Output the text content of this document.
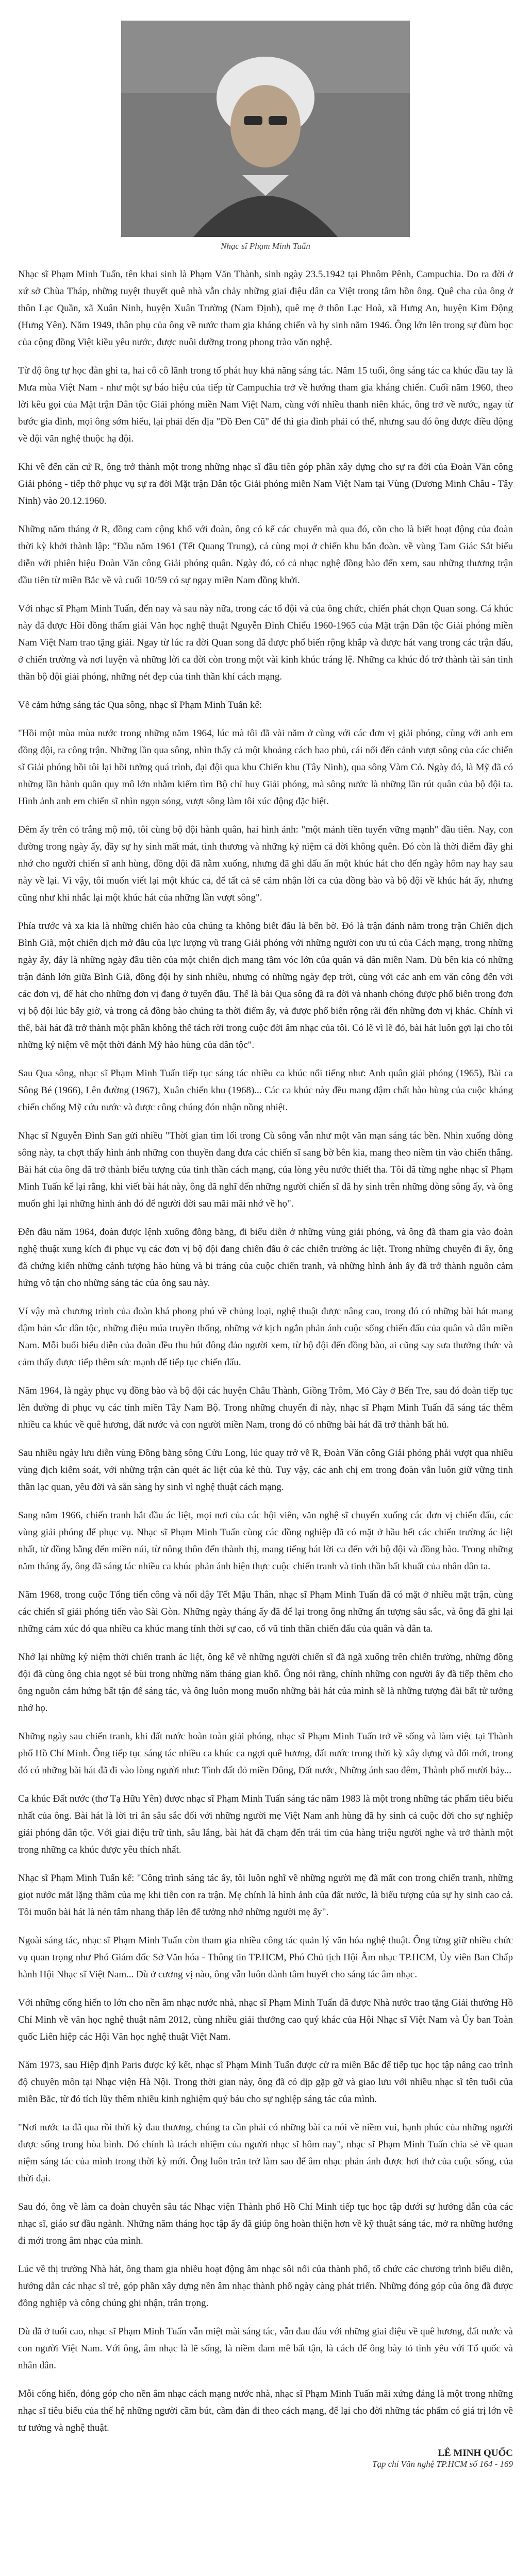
Nhạc sĩ Phạm Minh Tuấn

Nhạc sĩ Phạm Minh Tuấn, tên khai sinh là Phạm Văn Thành, sinh ngày 23.5.1942 tại Phnôm Pênh, Campuchia. Do ra đời ở xứ sở Chùa Tháp, những tuyệt thuyết quê nhà vẫn chảy những giai điệu dân ca Việt trong tâm hồn ông. Quê cha của ông ở thôn Lạc Quần, xã Xuân Ninh, huyện Xuân Trường (Nam Định), quê mẹ ở thôn Lạc Hoà, xã Hưng An, huyện Kim Động (Hưng Yên). Năm 1949, thân phụ của ông về nước tham gia kháng chiến và hy sinh năm 1946. Ông lớn lên trong sự đùm bọc của cộng đồng Việt kiều yêu nước, được nuôi dưỡng trong phong trào văn nghệ.

Từ độ ông tự học đàn ghi ta, hai cô cô lãnh trong tổ phát huy khả năng sáng tác. Năm 15 tuổi, ông sáng tác ca khúc đầu tay là Mưa mùa Việt Nam - như một sự báo hiệu của tiếp từ Campuchia trở về hướng tham gia kháng chiến. Cuối năm 1960, theo lời kêu gọi của Mặt trận Dân tộc Giải phóng miền Nam Việt Nam, cùng với nhiều thanh niên khác, ông trở về nước, ngay từ bước gia đình, mọi ông sớm hiểu, lại phải đến địa "Đồ Đen Cũ" để thì gia đình phải có thể, nhưng sau đó ông được điều động về đội văn nghệ thuộc hạ đội.

Khi về đến căn cứ R, ông trở thành một trong những nhạc sĩ đầu tiên góp phần xây dựng cho sự ra đời của Đoàn Văn công Giải phóng - tiếp thở phục vụ sự ra đời Mặt trận Dân tộc Giải phóng miền Nam Việt Nam tại Vùng (Dương Minh Châu - Tây Ninh) vào 20.12.1960.

Những năm tháng ở R, đồng cam cộng khổ với đoàn, ông có kể các chuyến mà qua đó, cõn cho là biết hoạt động của đoàn thời kỳ khởi thành lập: "Đầu năm 1961 (Tết Quang Trung), cả cùng mọi ở chiến khu bắn đoàn. về vùng Tam Giác Sắt biểu diễn với phiên hiệu Đoàn Văn công Giải phóng quân. Ngày đó, có cả nhạc nghệ đồng bào đến xem, sau những thương trận đầu tiên từ miền Bắc về và cuối 10/59 có sự ngay miền Nam đồng khởi.

Với nhạc sĩ Phạm Minh Tuấn, đến nay và sau này nữa, trong các tổ đội và của ông chức, chiến phát chọn Quan song. Cá khúc này đã được Hồi đồng thẩm giải Văn học nghệ thuật Nguyễn Đình Chiểu 1960-1965 của Mặt trận Dân tộc Giải phóng miền Nam Việt Nam trao tặng giải. Ngay từ lúc ra đời Quan song đã được phổ biến rộng khắp và được hát vang trong các trận đấu, ở chiến trường và nơi luyện và những lời ca đời còn trong một vài kinh khúc tráng lệ. Những ca khúc đó trở thành tài sản tinh thần bộ đội giải phóng, những nét đẹp của tinh thần khí cách mạng.

Về cảm hứng sáng tác Qua sông, nhạc sĩ Phạm Minh Tuấn kể:

"Hồi một mùa mùa nước trong những năm 1964, lúc mà tôi đã vài năm ở cùng với các đơn vị giải phóng, cùng với anh em đồng đội, ra công trận. Những lần qua sông, nhìn thấy cả một khoảng cách bao phủ, cái nối đến cảnh vượt sông của các chiến sĩ Giải phóng hồi tôi lại hồi tưởng quá trình, đại đội qua khu Chiến khu (Tây Ninh), qua sông Vàm Cỏ. Ngày đó, là Mỹ đã có những lần hành quân quy mô lớn nhằm kiếm tìm Bộ chỉ huy Giải phóng, mà sông nước là những lần rút quân của bộ đội ta. Hình ảnh anh em chiến sĩ nhìn ngọn sóng, vượt sông làm tôi xúc động đặc biệt.

Đêm ấy trên cỏ trắng mộ mộ, tôi cùng bộ đội hành quân, hai hình ảnh: "một mảnh tiền tuyến vững mạnh" đầu tiên. Nay, con đường trong ngày ấy, đầy sự hy sinh mất mát, tình thương và những kỷ niệm cả đời không quên. Đó còn là thời điểm đầy ghi nhớ cho người chiến sĩ anh hùng, đồng đội đã nằm xuống, nhưng đã ghi dấu ấn một khúc hát cho đến ngày hôm nay hay sau này về lại. Vì vậy, tôi muốn viết lại một khúc ca, để tất cả sẽ cảm nhận lời ca của đồng bào và bộ đội về khúc hát ấy, nhưng cũng như khi nhắc lại một khúc hát của những lần vượt sông".

Phía trước và xa kia là những chiến hào của chúng ta không biết đâu là bến bờ. Đó là trận đánh nằm trong trận Chiến dịch Bình Giã, một chiến dịch mở đầu của lực lượng vũ trang Giải phóng với những người con ưu tú của Cách mạng, trong những ngày ấy, đây là những ngày đầu tiên của một chiến dịch mang tầm vóc lớn của quân và dân miền Nam. Dù bên kia có những trận đánh lớn giữa Bình Giã, đồng đội hy sinh nhiều, nhưng có những ngày đẹp trời, cùng với các anh em văn công đến với các đơn vị, để hát cho những đơn vị đang ở tuyến đầu. Thế là bài Qua sông đã ra đời và nhanh chóng được phổ biến trong đơn vị bộ đội lúc bấy giờ, và trong cả đồng bào chúng ta thời điểm ấy, và được phổ biến rộng rãi đến những đơn vị khác. Chính vì thế, bài hát đã trở thành một phần không thể tách rời trong cuộc đời âm nhạc của tôi. Có lẽ vì lẽ đó, bài hát luôn gợi lại cho tôi những kỷ niệm về một thời đánh Mỹ hào hùng của dân tộc".

Sau Qua sông, nhạc sĩ Phạm Minh Tuấn tiếp tục sáng tác nhiều ca khúc nổi tiếng như: Anh quân giải phóng (1965), Bài ca Sông Bé (1966), Lên đường (1967), Xuân chiến khu (1968)... Các ca khúc này đều mang đậm chất hào hùng của cuộc kháng chiến chống Mỹ cứu nước và được công chúng đón nhận nồng nhiệt.

Nhạc sĩ Nguyễn Đình San gửi nhiều "Thời gian tìm lối trong Cù sông vẫn như một văn mạn sáng tác bền. Nhìn xuống dòng sông này, ta chợt thấy hình ảnh những con thuyền đang đưa các chiến sĩ sang bờ bên kia, mang theo niềm tin vào chiến thắng. Bài hát của ông đã trở thành biểu tượng của tinh thần cách mạng, của lòng yêu nước thiết tha. Tôi đã từng nghe nhạc sĩ Phạm Minh Tuấn kể lại rằng, khi viết bài hát này, ông đã nghĩ đến những người chiến sĩ đã hy sinh trên những dòng sông ấy, và ông muốn ghi lại những hình ảnh đó để người đời sau mãi mãi nhớ về họ".

Đến đầu năm 1964, đoàn được lệnh xuống đồng bằng, đi biểu diễn ở những vùng giải phóng, và ông đã tham gia vào đoàn nghệ thuật xung kích đi phục vụ các đơn vị bộ đội đang chiến đấu ở các chiến trường ác liệt. Trong những chuyến đi ấy, ông đã chứng kiến những cảnh tượng hào hùng và bi tráng của cuộc chiến tranh, và những hình ảnh ấy đã trở thành nguồn cảm hứng vô tận cho những sáng tác của ông sau này.

Ví vậy mà chương trình của đoàn khá phong phú về chủng loại, nghệ thuật được nâng cao, trong đó có những bài hát mang đậm bản sắc dân tộc, những điệu múa truyền thống, những vở kịch ngắn phản ánh cuộc sống chiến đấu của quân và dân miền Nam. Mỗi buổi biểu diễn của đoàn đều thu hút đông đảo người xem, từ bộ đội đến đồng bào, ai cũng say sưa thưởng thức và cảm thấy được tiếp thêm sức mạnh để tiếp tục chiến đấu.

Năm 1964, là ngày phục vụ đồng bào và bộ đội các huyện Châu Thành, Giồng Trôm, Mỏ Cày ở Bến Tre, sau đó đoàn tiếp tục lên đường đi phục vụ các tỉnh miền Tây Nam Bộ. Trong những chuyến đi này, nhạc sĩ Phạm Minh Tuấn đã sáng tác thêm nhiều ca khúc về quê hương, đất nước và con người miền Nam, trong đó có những bài hát đã trở thành bất hủ.

Sau nhiều ngày lưu diễn vùng Đồng bằng sông Cửu Long, lúc quay trở về R, Đoàn Văn công Giải phóng phải vượt qua nhiều vùng địch kiểm soát, với những trận càn quét ác liệt của kẻ thù. Tuy vậy, các anh chị em trong đoàn vẫn luôn giữ vững tinh thần lạc quan, yêu đời và sẵn sàng hy sinh vì nghệ thuật cách mạng.

Sang năm 1966, chiến tranh bắt đầu ác liệt, mọi nơi của các hội viên, văn nghệ sĩ chuyển xuống các đơn vị chiến đấu, các vùng giải phóng để phục vụ. Nhạc sĩ Phạm Minh Tuấn cùng các đồng nghiệp đã có mặt ở hầu hết các chiến trường ác liệt nhất, từ đồng bằng đến miền núi, từ nông thôn đến thành thị, mang tiếng hát lời ca đến với bộ đội và đồng bào. Trong những năm tháng ấy, ông đã sáng tác nhiều ca khúc phản ánh hiện thực cuộc chiến tranh và tinh thần bất khuất của nhân dân ta.

Năm 1968, trong cuộc Tổng tiến công và nổi dậy Tết Mậu Thân, nhạc sĩ Phạm Minh Tuấn đã có mặt ở nhiều mặt trận, cùng các chiến sĩ giải phóng tiến vào Sài Gòn. Những ngày tháng ấy đã để lại trong ông những ấn tượng sâu sắc, và ông đã ghi lại những cảm xúc đó qua nhiều ca khúc mang tính thời sự cao, cổ vũ tinh thần chiến đấu của quân và dân ta.

Nhớ lại những kỷ niệm thời chiến tranh ác liệt, ông kể về những người chiến sĩ đã ngã xuống trên chiến trường, những đồng đội đã cùng ông chia ngọt sẻ bùi trong những năm tháng gian khổ. Ông nói rằng, chính những con người ấy đã tiếp thêm cho ông nguồn cảm hứng bất tận để sáng tác, và ông luôn mong muốn những bài hát của mình sẽ là những tượng đài bất tử tưởng nhớ họ.

Những ngày sau chiến tranh, khi đất nước hoàn toàn giải phóng, nhạc sĩ Phạm Minh Tuấn trở về sống và làm việc tại Thành phố Hồ Chí Minh. Ông tiếp tục sáng tác nhiều ca khúc ca ngợi quê hương, đất nước trong thời kỳ xây dựng và đổi mới, trong đó có những bài hát đã đi vào lòng người như: Tình đất đỏ miền Đông, Đất nước, Những ánh sao đêm, Thành phố mười bảy...

Ca khúc Đất nước (thơ Tạ Hữu Yên) được nhạc sĩ Phạm Minh Tuấn sáng tác năm 1983 là một trong những tác phẩm tiêu biểu nhất của ông. Bài hát là lời tri ân sâu sắc đối với những người mẹ Việt Nam anh hùng đã hy sinh cả cuộc đời cho sự nghiệp giải phóng dân tộc. Với giai điệu trữ tình, sâu lắng, bài hát đã chạm đến trái tim của hàng triệu người nghe và trở thành một trong những ca khúc được yêu thích nhất.

Nhạc sĩ Phạm Minh Tuấn kể: "Công trình sáng tác ấy, tôi luôn nghĩ về những người mẹ đã mất con trong chiến tranh, những giọt nước mắt lặng thầm của mẹ khi tiễn con ra trận. Mẹ chính là hình ảnh của đất nước, là biểu tượng của sự hy sinh cao cả. Tôi muốn bài hát là nén tâm nhang thắp lên để tưởng nhớ những người mẹ ấy".

Ngoài sáng tác, nhạc sĩ Phạm Minh Tuấn còn tham gia nhiều công tác quản lý văn hóa nghệ thuật. Ông từng giữ nhiều chức vụ quan trọng như Phó Giám đốc Sở Văn hóa - Thông tin TP.HCM, Phó Chủ tịch Hội Âm nhạc TP.HCM, Ủy viên Ban Chấp hành Hội Nhạc sĩ Việt Nam... Dù ở cương vị nào, ông vẫn luôn dành tâm huyết cho sáng tác âm nhạc.

Với những cống hiến to lớn cho nền âm nhạc nước nhà, nhạc sĩ Phạm Minh Tuấn đã được Nhà nước trao tặng Giải thưởng Hồ Chí Minh về văn học nghệ thuật năm 2012, cùng nhiều giải thưởng cao quý khác của Hội Nhạc sĩ Việt Nam và Ủy ban Toàn quốc Liên hiệp các Hội Văn học nghệ thuật Việt Nam.

Năm 1973, sau Hiệp định Paris được ký kết, nhạc sĩ Phạm Minh Tuấn được cử ra miền Bắc để tiếp tục học tập nâng cao trình độ chuyên môn tại Nhạc viện Hà Nội. Trong thời gian này, ông đã có dịp gặp gỡ và giao lưu với nhiều nhạc sĩ tên tuổi của miền Bắc, từ đó tích lũy thêm nhiều kinh nghiệm quý báu cho sự nghiệp sáng tác của mình.

"Nơi nước ta đã qua rồi thời kỳ đau thương, chúng ta cần phải có những bài ca nói về niềm vui, hạnh phúc của những người được sống trong hòa bình. Đó chính là trách nhiệm của người nhạc sĩ hôm nay", nhạc sĩ Phạm Minh Tuấn chia sẻ về quan niệm sáng tác của mình trong thời kỳ mới. Ông luôn trăn trở làm sao để âm nhạc phản ánh được hơi thở của cuộc sống, của thời đại.

Sau đó, ông về làm ca đoàn chuyên sâu tác Nhạc viện Thành phố Hồ Chí Minh tiếp tục học tập dưới sự hướng dẫn của các nhạc sĩ, giáo sư đầu ngành. Những năm tháng học tập ấy đã giúp ông hoàn thiện hơn về kỹ thuật sáng tác, mở ra những hướng đi mới trong âm nhạc của mình.

Lúc về thị trường Nhà hát, ông tham gia nhiều hoạt động âm nhạc sôi nổi của thành phố, tổ chức các chương trình biểu diễn, hướng dẫn các nhạc sĩ trẻ, góp phần xây dựng nền âm nhạc thành phố ngày càng phát triển. Những đóng góp của ông đã được đồng nghiệp và công chúng ghi nhận, trân trọng.

Dù đã ở tuổi cao, nhạc sĩ Phạm Minh Tuấn vẫn miệt mài sáng tác, vẫn đau đáu với những giai điệu về quê hương, đất nước và con người Việt Nam. Với ông, âm nhạc là lẽ sống, là niềm đam mê bất tận, là cách để ông bày tỏ tình yêu với Tổ quốc và nhân dân.

Mỗi cống hiến, đóng góp cho nền âm nhạc cách mạng nước nhà, nhạc sĩ Phạm Minh Tuấn mãi xứng đáng là một trong những nhạc sĩ tiêu biểu của thế hệ những người cầm bút, cầm đàn đi theo cách mạng, để lại cho đời những tác phẩm có giá trị lớn về tư tưởng và nghệ thuật.

LÊ MINH QUỐC
Tạp chí Văn nghệ TP.HCM số 164 - 169
